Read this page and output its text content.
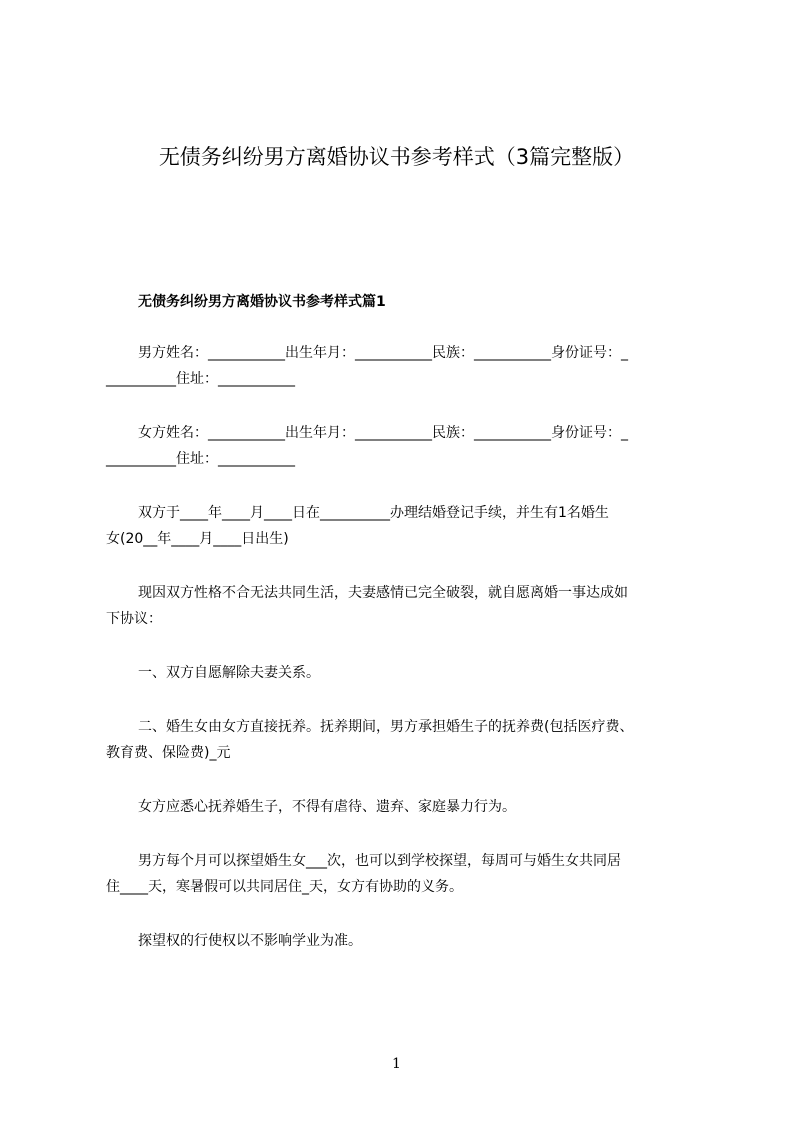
无债务纠纷男方离婚协议书参考样式（3篇完整版）
无债务纠纷男方离婚协议书参考样式篇1
男方姓名：___________出生年月：___________民族：___________身份证号：_
__________住址：___________
女方姓名：___________出生年月：___________民族：___________身份证号：_
__________住址：___________
双方于____年____月____日在__________办理结婚登记手续，并生有1名婚生
女(20__年____月____日出生)
现因双方性格不合无法共同生活，夫妻感情已完全破裂，就自愿离婚一事达成如
下协议：
一、双方自愿解除夫妻关系。
二、婚生女由女方直接抚养。抚养期间，男方承担婚生子的抚养费(包括医疗费、
教育费、保险费)_元
女方应悉心抚养婚生子，不得有虐待、遗弃、家庭暴力行为。
男方每个月可以探望婚生女___次，也可以到学校探望，每周可与婚生女共同居
住____天，寒暑假可以共同居住_天，女方有协助的义务。
探望权的行使权以不影响学业为准。
1
